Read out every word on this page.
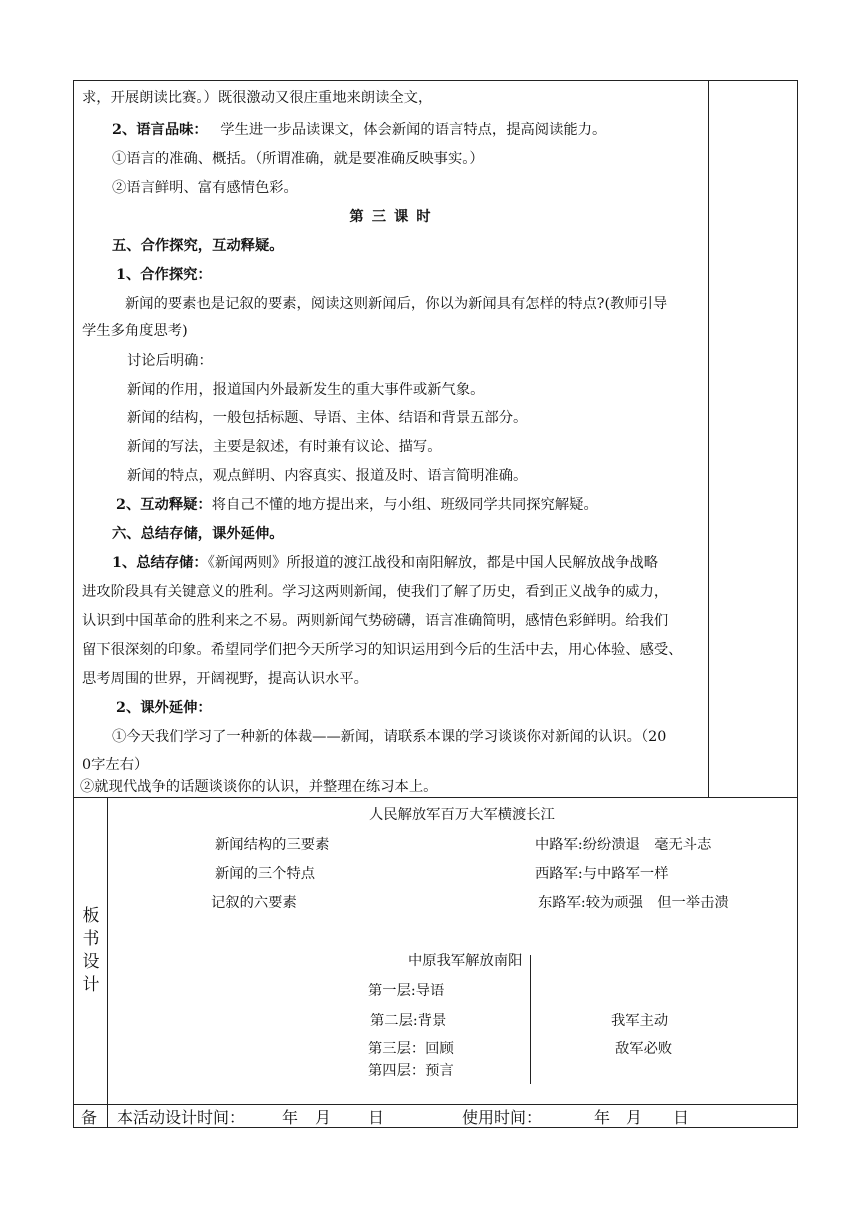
求，开展朗读比赛。）既很激动又很庄重地来朗读全文，
2、语言品味： 学生进一步品读课文，体会新闻的语言特点，提高阅读能力。
①语言的准确、概括。（所谓准确，就是要准确反映事实。）
②语言鲜明、富有感情色彩。
第三课时
五、合作探究，互动释疑。
1、合作探究：
新闻的要素也是记叙的要素，阅读这则新闻后，你以为新闻具有怎样的特点?(教师引导
学生多角度思考)
讨论后明确：
新闻的作用，报道国内外最新发生的重大事件或新气象。
新闻的结构，一般包括标题、导语、主体、结语和背景五部分。
新闻的写法，主要是叙述，有时兼有议论、描写。
新闻的特点，观点鲜明、内容真实、报道及时、语言简明准确。
2、互动释疑：将自己不懂的地方提出来，与小组、班级同学共同探究解疑。
六、总结存储，课外延伸。
1、总结存储：《新闻两则》所报道的渡江战役和南阳解放，都是中国人民解放战争战略
进攻阶段具有关键意义的胜利。学习这两则新闻，使我们了解了历史，看到正义战争的威力，
认识到中国革命的胜利来之不易。两则新闻气势磅礴，语言准确简明，感情色彩鲜明。给我们
留下很深刻的印象。希望同学们把今天所学习的知识运用到今后的生活中去，用心体验、感受、
思考周围的世界，开阔视野，提高认识水平。
2、课外延伸：
①今天我们学习了一种新的体裁——新闻，请联系本课的学习谈谈你对新闻的认识。（20
0字左右）
②就现代战争的话题谈谈你的认识，并整理在练习本上。
板
书
设
计
人民解放军百万大军横渡长江
新闻结构的三要素
新闻的三个特点
记叙的六要素
中路军:纷纷溃退　毫无斗志
西路军:与中路军一样
东路军:较为顽强　但一举击溃
中原我军解放南阳
第一层:导语
第二层:背景
第三层：回顾
第四层：预言
我军主动
敌军必败
备 本活动设计时间： 年 月 日	使用时间：	年 月 日
